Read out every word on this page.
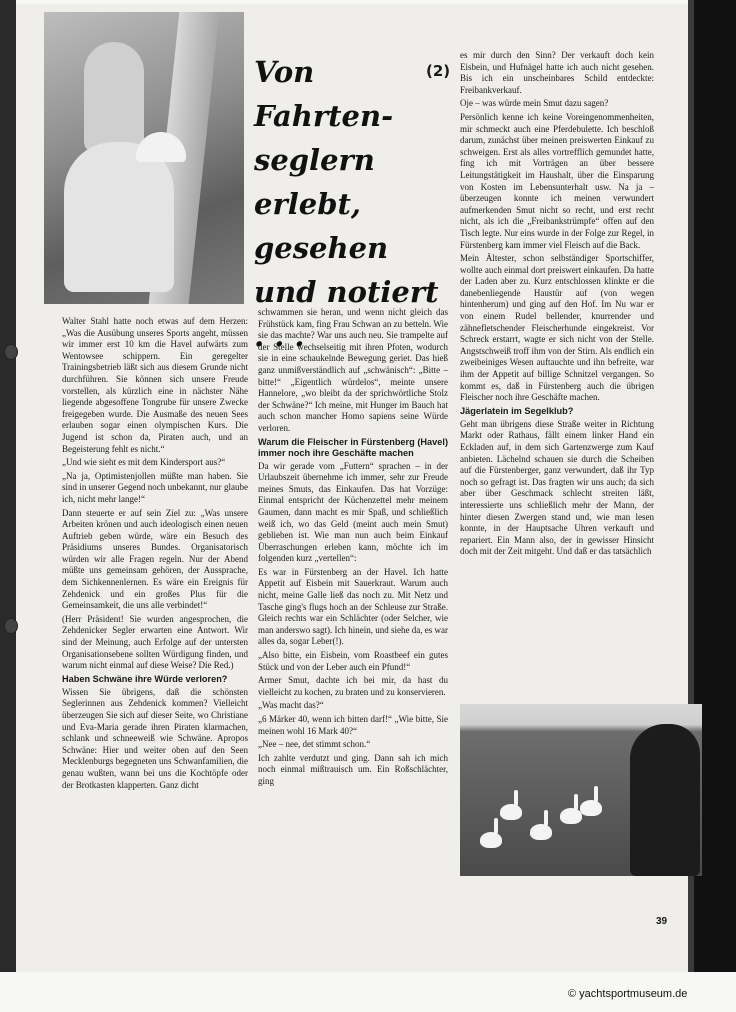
Von
Fahrten-
seglern
erlebt,
gesehen
und notiert . . .
(2)

Walter Stahl hatte noch etwas auf dem Herzen: „Was die Ausübung unseres Sports angeht, müssen wir immer erst 10 km die Havel aufwärts zum Wentowsee schippern. Ein geregelter Trainingsbetrieb läßt sich aus diesem Grunde nicht durchführen. Sie können sich unsere Freude vorstellen, als kürzlich eine in nächster Nähe liegende abgesoffene Tongrube für unsere Zwecke freigegeben wurde. Die Ausmaße des neuen Sees erlauben sogar einen olympischen Kurs. Die Jugend ist schon da, Piraten auch, und an Begeisterung fehlt es nicht.“

„Und wie sieht es mit dem Kindersport aus?“

„Na ja, Optimistenjollen müßte man haben. Sie sind in unserer Gegend noch unbekannt, nur glaube ich, nicht mehr lange!“

Dann steuerte er auf sein Ziel zu: „Was unsere Arbeiten krönen und auch ideologisch einen neuen Auftrieb geben würde, wäre ein Besuch des Präsidiums unseres Bundes. Organisatorisch würden wir alle Fragen regeln. Nur der Abend müßte uns gemeinsam gehören, der Aussprache, dem Sichkennenlernen. Es wäre ein Ereignis für Zehdenick und ein großes Plus für die Gemeinsamkeit, die uns alle verbindet!“

(Herr Präsident! Sie wurden angesprochen, die Zehdenicker Segler erwarten eine Antwort. Wir sind der Meinung, auch Erfolge auf der untersten Organisationsebene sollten Würdigung finden, und warum nicht einmal auf diese Weise? Die Red.)

Haben Schwäne ihre Würde verloren?

Wissen Sie übrigens, daß die schönsten Seglerinnen aus Zehdenick kommen? Vielleicht überzeugen Sie sich auf dieser Seite, wo Christiane und Eva-Maria gerade ihren Piraten klarmachen, schlank und schneeweiß wie Schwäne. Apropos Schwäne: Hier und weiter oben auf den Seen Mecklenburgs begegneten uns Schwanfamilien, die genau wußten, wann bei uns die Kochtöpfe oder der Brotkasten klapperten. Ganz dicht

schwammen sie heran, und wenn nicht gleich das Frühstück kam, fing Frau Schwan an zu betteln. Wie sie das machte? War uns auch neu. Sie trampelte auf der Stelle wechselseitig mit ihren Pfoten, wodurch sie in eine schaukelnde Bewegung geriet. Das hieß ganz unmißverständlich auf „schwänisch“: „Bitte – bitte!“ „Eigentlich würdelos“, meinte unsere Hannelore, „wo bleibt da der sprichwörtliche Stolz der Schwäne?“ Ich meine, mit Hunger im Bauch hat auch schon mancher Homo sapiens seine Würde verloren.

Warum die Fleischer in Fürstenberg (Havel) immer noch ihre Geschäfte machen

Da wir gerade vom „Futtern“ sprachen – in der Urlaubszeit übernehme ich immer, sehr zur Freude meines Smuts, das Einkaufen. Das hat Vorzüge: Einmal entspricht der Küchenzettel mehr meinem Gaumen, dann macht es mir Spaß, und schließlich weiß ich, wo das Geld (meint auch mein Smut) geblieben ist. Wie man nun auch beim Einkauf Überraschungen erleben kann, möchte ich im folgenden kurz „vertellen“:

Es war in Fürstenberg an der Havel. Ich hatte Appetit auf Eisbein mit Sauerkraut. Warum auch nicht, meine Galle ließ das noch zu. Mit Netz und Tasche ging's flugs hoch an der Schleuse zur Straße. Gleich rechts war ein Schlächter (oder Selcher, wie man anderswo sagt). Ich hinein, und siehe da, es war alles da, sogar Leber(!).

„Also bitte, ein Eisbein, vom Roastbeef ein gutes Stück und von der Leber auch ein Pfund!“

Armer Smut, dachte ich bei mir, da hast du vielleicht zu kochen, zu braten und zu konservieren.

„Was macht das?“

„6 Märker 40, wenn ich bitten darf!“ „Wie bitte, Sie meinen wohl 16 Mark 40?“

„Nee – nee, det stimmt schon.“

Ich zahlte verdutzt und ging. Dann sah ich mich noch einmal mißtrauisch um. Ein Roßschlächter, ging

es mir durch den Sinn? Der verkauft doch kein Eisbein, und Hufnägel hatte ich auch nicht gesehen. Bis ich ein unscheinbares Schild entdeckte: Freibankverkauf.

Oje – was würde mein Smut dazu sagen?

Persönlich kenne ich keine Voreingenommenheiten, mir schmeckt auch eine Pferdebulette. Ich beschloß darum, zunächst über meinen preiswerten Einkauf zu schweigen. Erst als alles vortrefflich gemundet hatte, fing ich mit Vorträgen an über bessere Leitungstätigkeit im Haushalt, über die Einsparung von Kosten im Lebensunterhalt usw. Na ja – überzeugen konnte ich meinen verwundert aufmerkenden Smut nicht so recht, und erst recht nicht, als ich die „Freibankstrümpfe“ offen auf den Tisch legte. Nur eins wurde in der Folge zur Regel, in Fürstenberg kam immer viel Fleisch auf die Back.

Mein Ältester, schon selbständiger Sportschiffer, wollte auch einmal dort preiswert einkaufen. Da hatte der Laden aber zu. Kurz entschlossen klinkte er die danebenliegende Haustür auf (von wegen hintenherum) und ging auf den Hof. Im Nu war er von einem Rudel bellender, knurrender und zähnefletschender Fleischerhunde eingekreist. Vor Schreck erstarrt, wagte er sich nicht von der Stelle. Angstschweiß troff ihm von der Stirn. Als endlich ein zweibeiniges Wesen auftauchte und ihn befreite, war ihm der Appetit auf billige Schnitzel vergangen. So kommt es, daß in Fürstenberg auch die übrigen Fleischer noch ihre Geschäfte machen.

Jägerlatein im Segelklub?

Geht man übrigens diese Straße weiter in Richtung Markt oder Rathaus, fällt einem linker Hand ein Eckladen auf, in dem sich Gartenzwerge zum Kauf anbieten. Lächelnd schauen sie durch die Scheiben auf die Fürstenberger, ganz verwundert, daß ihr Typ noch so gefragt ist. Das fragten wir uns auch; da sich aber über Geschmack schlecht streiten läßt, interessierte uns schließlich mehr der Mann, der hinter diesen Zwergen stand und, wie man lesen konnte, in der Hauptsache Uhren verkauft und repariert. Ein Mann also, der in gewisser Hinsicht doch mit der Zeit mitgeht. Und daß er das tatsächlich

39
© yachtsportmuseum.de
